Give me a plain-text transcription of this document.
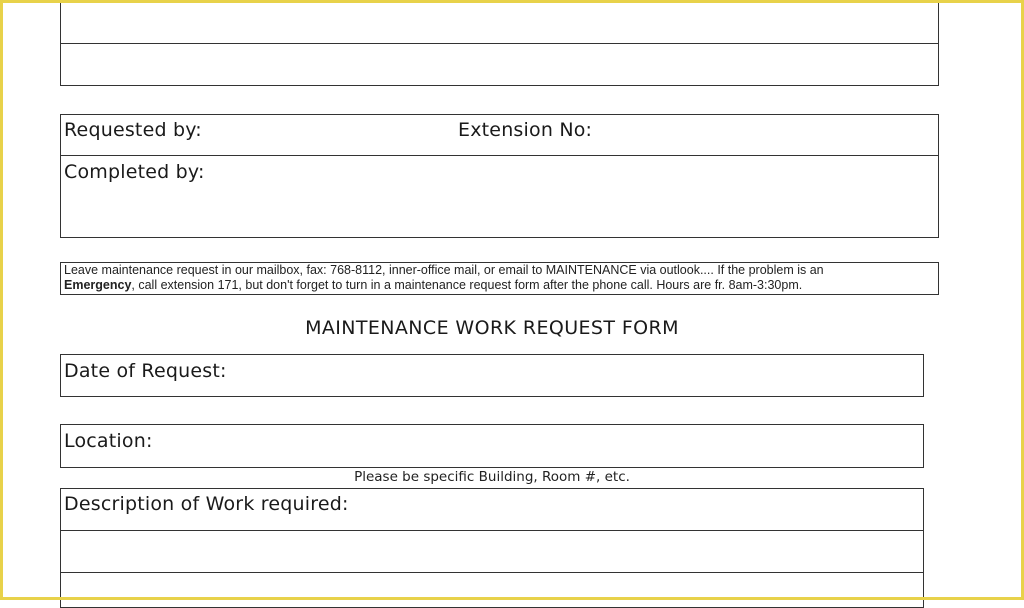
Requested by:	Extension No:
Completed by:
Leave maintenance request in our mailbox, fax: 768-8112, inner-office mail, or email to MAINTENANCE via outlook.... If the problem is an
Emergency, call extension 171, but don't forget to turn in a maintenance request form after the phone call. Hours are fr. 8am-3:30pm.
MAINTENANCE WORK REQUEST FORM
Date of Request:
Location:
Please be specific Building, Room #, etc.
Description of Work required:
